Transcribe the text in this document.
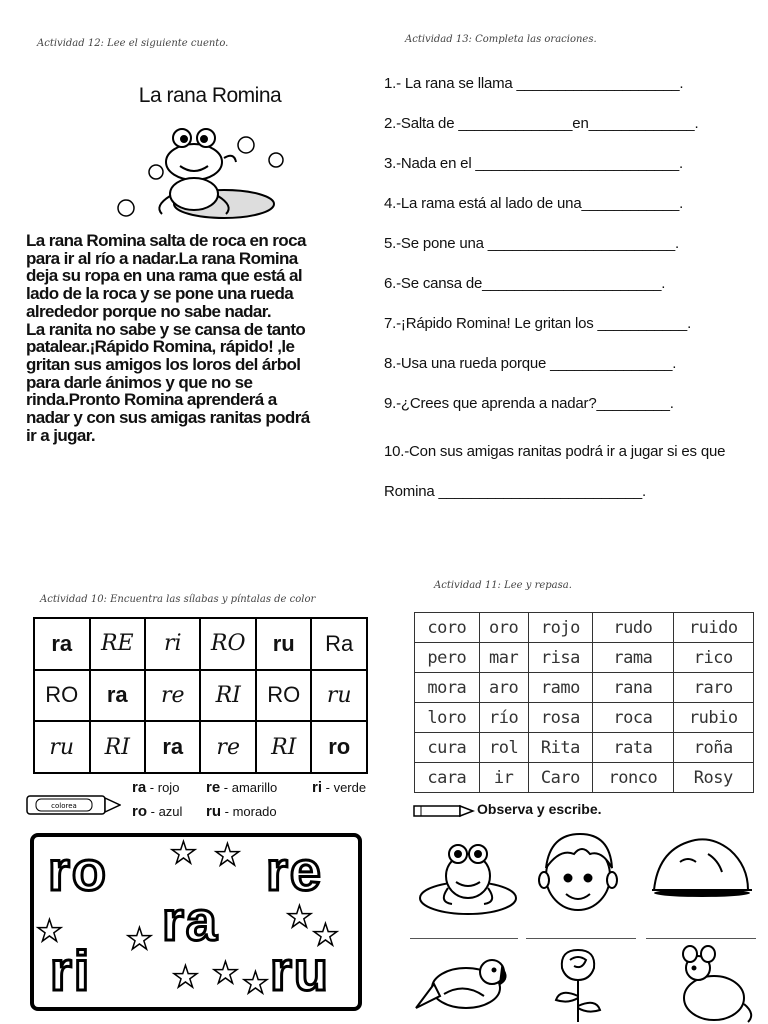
Actividad 12: Lee el siguiente cuento.
La rana Romina

La rana Romina salta de roca en roca

para ir al río a nadar.La rana Romina

deja su ropa en una rama que está al

lado de la roca y se pone una rueda

alrededor porque no sabe nadar.

La ranita no sabe y se cansa de tanto

patalear.¡Rápido Romina, rápido! ,le

gritan sus amigos los loros del árbol

para darle ánimos y que no se

rinda.Pronto Romina aprenderá a

nadar y con sus amigas ranitas podrá

ir a jugar.

Actividad 13: Completa las oraciones.
1.- La rana se llama ____________________.
2.-Salta de ______________en_____________.
3.-Nada en el _________________________.
4.-La rama está al lado de una____________.
5.-Se pone una _______________________.
6.-Se cansa de______________________.
7.-¡Rápido Romina! Le gritan los ___________.
8.-Usa una rueda porque _______________.
9.-¿Crees que aprenda a nadar?_________.
10.-Con sus amigas ranitas podrá ir a jugar si es que Romina _________________________.
Actividad 10: Encuentra las sílabas y píntalas de color
ra	RE	ri	RO	ru	Ra
RO	ra	re	RI	RO	ru
ru	RI	ra	re	RI	ro
colorea
ra - rojo re - amarillo ri - verde
ro - azul ru - morado
ro	re
ra
ri	ru
★ ★
★ ★
★
★
★ ★ ★
Actividad 11: Lee y repasa.
coro	oro	rojo	rudo	ruido
pero	mar	risa	rama	rico
mora	aro	ramo	rana	raro
loro	río	rosa	roca	rubio
cura	rol	Rita	rata	roña
cara	ir	Caro	ronco	Rosy
Observa y escribe.
